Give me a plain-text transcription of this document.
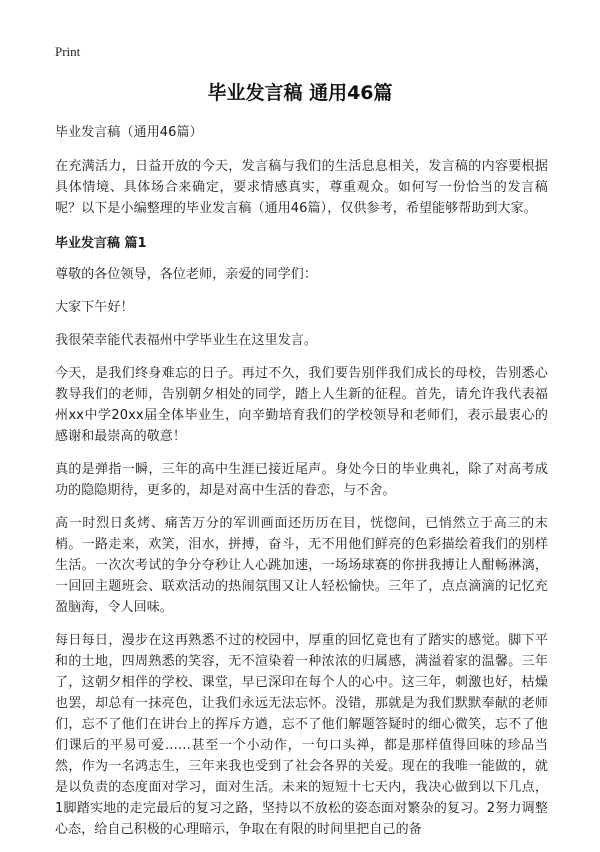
Print
毕业发言稿 通用46篇

毕业发言稿（通用46篇）

在充满活力，日益开放的今天，发言稿与我们的生活息息相关，发言稿的内容要根据具体情境、具体场合来确定，要求情感真实，尊重观众。如何写一份恰当的发言稿呢？以下是小编整理的毕业发言稿（通用46篇），仅供参考，希望能够帮助到大家。

毕业发言稿 篇1

尊敬的各位领导，各位老师，亲爱的同学们：

大家下午好！

我很荣幸能代表福州中学毕业生在这里发言。

今天，是我们终身难忘的日子。再过不久，我们要告别伴我们成长的母校，告别悉心教导我们的老师，告别朝夕相处的同学，踏上人生新的征程。首先，请允许我代表福州xx中学20xx届全体毕业生，向辛勤培育我们的学校领导和老师们，表示最衷心的感谢和最崇高的敬意！

真的是弹指一瞬，三年的高中生涯已接近尾声。身处今日的毕业典礼，除了对高考成功的隐隐期待，更多的，却是对高中生活的眷恋，与不舍。

高一时烈日炙烤、痛苦万分的军训画面还历历在目，恍惚间，已悄然立于高三的末梢。一路走来，欢笑，泪水，拼搏，奋斗，无不用他们鲜亮的色彩描绘着我们的别样生活。一次次考试的争分夺秒让人心跳加速，一场场球赛的你拼我搏让人酣畅淋漓，一回回主题班会、联欢活动的热闹氛围又让人轻松愉快。三年了，点点滴滴的记忆充盈脑海，令人回味。

每日每日，漫步在这再熟悉不过的校园中，厚重的回忆竟也有了踏实的感觉。脚下平和的土地，四周熟悉的笑容，无不渲染着一种浓浓的归属感，满溢着家的温馨。三年了，这朝夕相伴的学校、课堂，早已深印在每个人的心中。这三年，刺激也好，枯燥也罢，却总有一抹亮色，让我们永远无法忘怀。没错，那就是为我们默默奉献的老师们，忘不了他们在讲台上的挥斥方遒，忘不了他们解题答疑时的细心微笑，忘不了他们课后的平易可爱……甚至一个小动作，一句口头禅，都是那样值得回味的珍品当然，作为一名鸿志生，三年来我也受到了社会各界的关爱。现在的我唯一能做的，就是以负责的态度面对学习，面对生活。未来的短短十七天内，我决心做到以下几点，1脚踏实地的走完最后的复习之路，坚持以不放松的姿态面对繁杂的复习。2努力调整心态，给自己积极的心理暗示，争取在有限的时间里把自己的备
